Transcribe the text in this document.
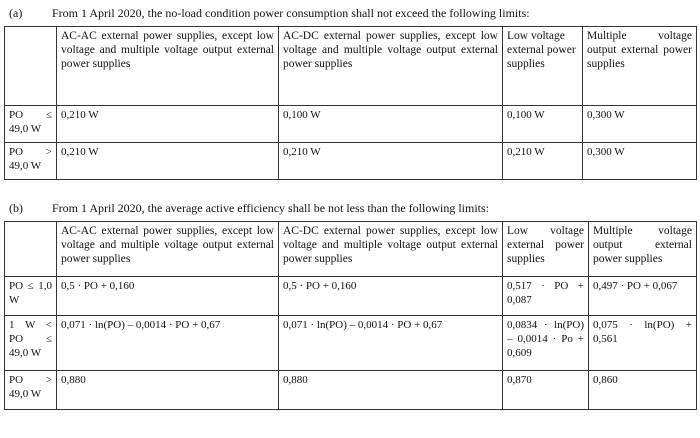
(a) From 1 April 2020, the no-load condition power consumption shall not exceed the following limits:
	AC-AC external power supplies, except low voltage and multiple voltage output external power supplies	AC-DC external power supplies, except low voltage and multiple voltage output external power supplies	Low voltage external power supplies	Multiple voltage output external power supplies
PO ≤ 49,0 W	0,210 W	0,100 W	0,100 W	0,300 W
PO > 49,0 W	0,210 W	0,210 W	0,210 W	0,300 W
(b) From 1 April 2020, the average active efficiency shall be not less than the following limits:
	AC-AC external power supplies, except low voltage and multiple voltage output external power supplies	AC-DC external power supplies, except low voltage and multiple voltage output external power supplies	Low voltage external power supplies	Multiple voltage output external power supplies
PO ≤ 1,0 W	0,5 · PO + 0,160	0,5 · PO + 0,160	0,517 · PO + 0,087	0,497 · PO + 0,067
1 W < PO ≤ 49,0 W	0,071 · ln(PO) – 0,0014 · PO + 0,67	0,071 · ln(PO) – 0,0014 · PO + 0,67	0,0834 · ln(PO) – 0,0014 · Po + 0,609	0,075 · ln(PO) + 0,561
PO > 49,0 W	0,880	0,880	0,870	0,860
